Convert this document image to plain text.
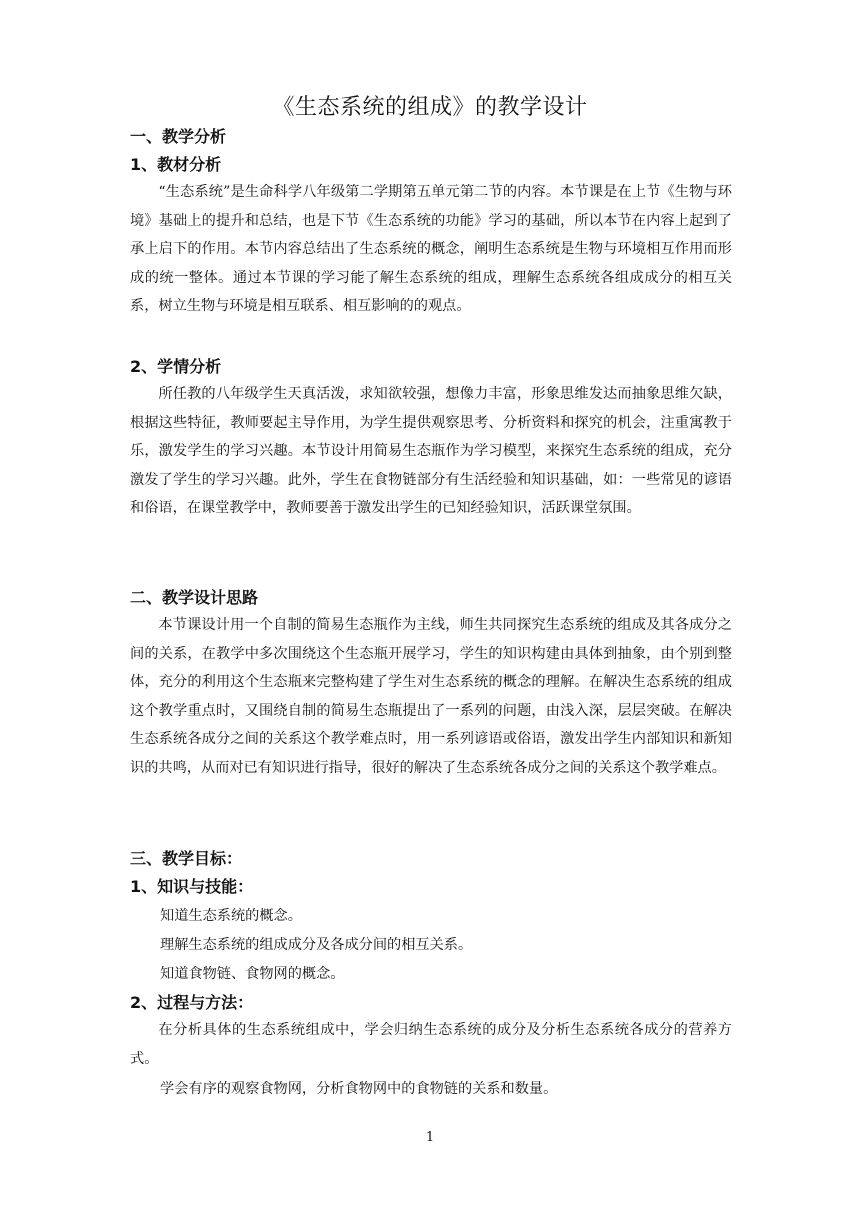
《生态系统的组成》的教学设计
一、教学分析
1、教材分析

“生态系统”是生命科学八年级第二学期第五单元第二节的内容。本节课是在上节《生物与环境》基础上的提升和总结，也是下节《生态系统的功能》学习的基础，所以本节在内容上起到了承上启下的作用。本节内容总结出了生态系统的概念，阐明生态系统是生物与环境相互作用而形成的统一整体。通过本节课的学习能了解生态系统的组成，理解生态系统各组成成分的相互关系，树立生物与环境是相互联系、相互影响的的观点。

2、学情分析

所任教的八年级学生天真活泼，求知欲较强，想像力丰富，形象思维发达而抽象思维欠缺，根据这些特征，教师要起主导作用，为学生提供观察思考、分析资料和探究的机会，注重寓教于乐，激发学生的学习兴趣。本节设计用简易生态瓶作为学习模型，来探究生态系统的组成，充分激发了学生的学习兴趣。此外，学生在食物链部分有生活经验和知识基础，如：一些常见的谚语和俗语，在课堂教学中，教师要善于激发出学生的已知经验知识，活跃课堂氛围。

二、教学设计思路

本节课设计用一个自制的简易生态瓶作为主线，师生共同探究生态系统的组成及其各成分之间的关系，在教学中多次围绕这个生态瓶开展学习，学生的知识构建由具体到抽象，由个别到整体，充分的利用这个生态瓶来完整构建了学生对生态系统的概念的理解。在解决生态系统的组成这个教学重点时，又围绕自制的简易生态瓶提出了一系列的问题，由浅入深，层层突破。在解决生态系统各成分之间的关系这个教学难点时，用一系列谚语或俗语，激发出学生内部知识和新知识的共鸣，从而对已有知识进行指导，很好的解决了生态系统各成分之间的关系这个教学难点。

三、教学目标：
1、知识与技能：
知道生态系统的概念。
理解生态系统的组成成分及各成分间的相互关系。
知道食物链、食物网的概念。
2、过程与方法：

在分析具体的生态系统组成中，学会归纳生态系统的成分及分析生态系统各成分的营养方式。

学会有序的观察食物网，分析食物网中的食物链的关系和数量。
1
